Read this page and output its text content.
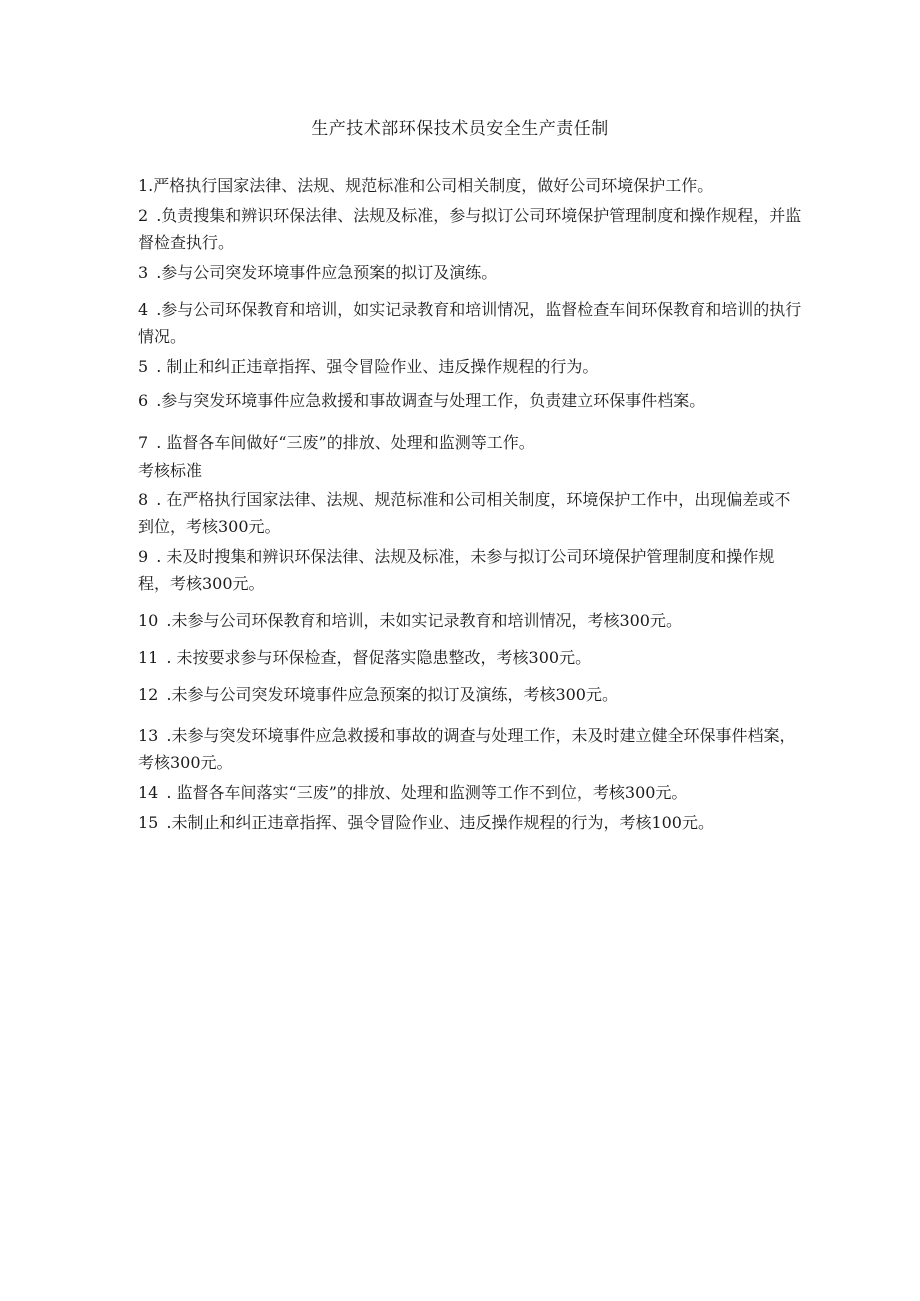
生产技术部环保技术员安全生产责任制
1.严格执行国家法律、法规、规范标准和公司相关制度，做好公司环境保护工作。
2 .负责搜集和辨识环保法律、法规及标准，参与拟订公司环境保护管理制度和操作规程，并监督检查执行。
3 .参与公司突发环境事件应急预案的拟订及演练。
4 .参与公司环保教育和培训，如实记录教育和培训情况，监督检查车间环保教育和培训的执行情况。
5 . 制止和纠正违章指挥、强令冒险作业、违反操作规程的行为。
6 .参与突发环境事件应急救援和事故调查与处理工作，负责建立环保事件档案。
7 . 监督各车间做好“三废”的排放、处理和监测等工作。
考核标准
8 . 在严格执行国家法律、法规、规范标准和公司相关制度，环境保护工作中，出现偏差或不到位，考核300元。
9 . 未及时搜集和辨识环保法律、法规及标准，未参与拟订公司环境保护管理制度和操作规程，考核300元。
10 .未参与公司环保教育和培训，未如实记录教育和培训情况，考核300元。
11 . 未按要求参与环保检查，督促落实隐患整改，考核300元。
12 .未参与公司突发环境事件应急预案的拟订及演练，考核300元。
13 .未参与突发环境事件应急救援和事故的调查与处理工作，未及时建立健全环保事件档案，考核300元。
14 . 监督各车间落实“三废”的排放、处理和监测等工作不到位，考核300元。
15 .未制止和纠正违章指挥、强令冒险作业、违反操作规程的行为，考核100元。
